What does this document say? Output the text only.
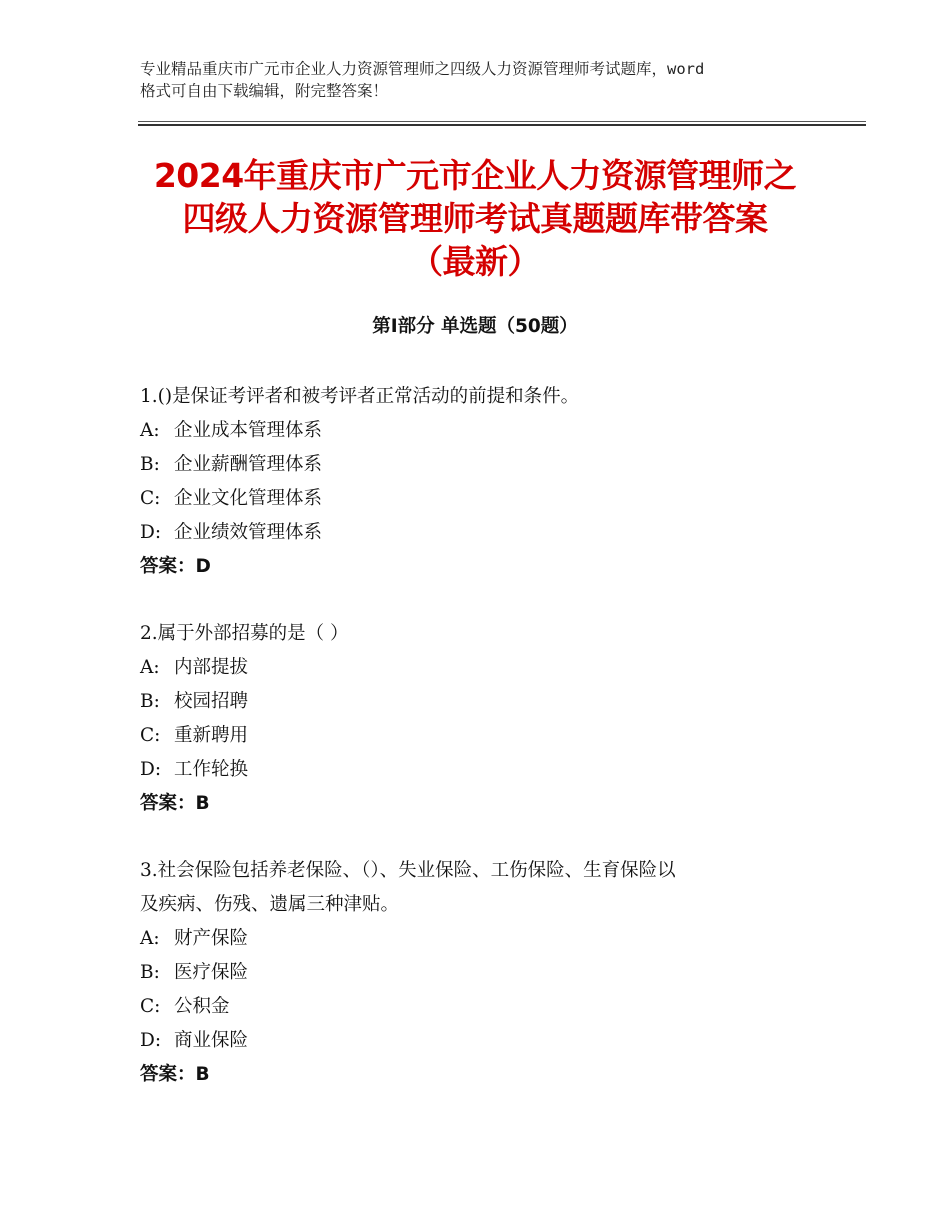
专业精品重庆市广元市企业人力资源管理师之四级人力资源管理师考试题库，word
格式可自由下载编辑，附完整答案！
2024年重庆市广元市企业人力资源管理师之
四级人力资源管理师考试真题题库带答案
（最新）
第Ⅰ部分 单选题（50题）
1.()是保证考评者和被考评者正常活动的前提和条件。
A: 企业成本管理体系
B: 企业薪酬管理体系
C: 企业文化管理体系
D: 企业绩效管理体系
答案：D
2.属于外部招募的是（ ）
A: 内部提拔
B: 校园招聘
C: 重新聘用
D: 工作轮换
答案：B
3.社会保险包括养老保险、（）、失业保险、工伤保险、生育保险以
及疾病、伤残、遗属三种津贴。
A: 财产保险
B: 医疗保险
C: 公积金
D: 商业保险
答案：B
